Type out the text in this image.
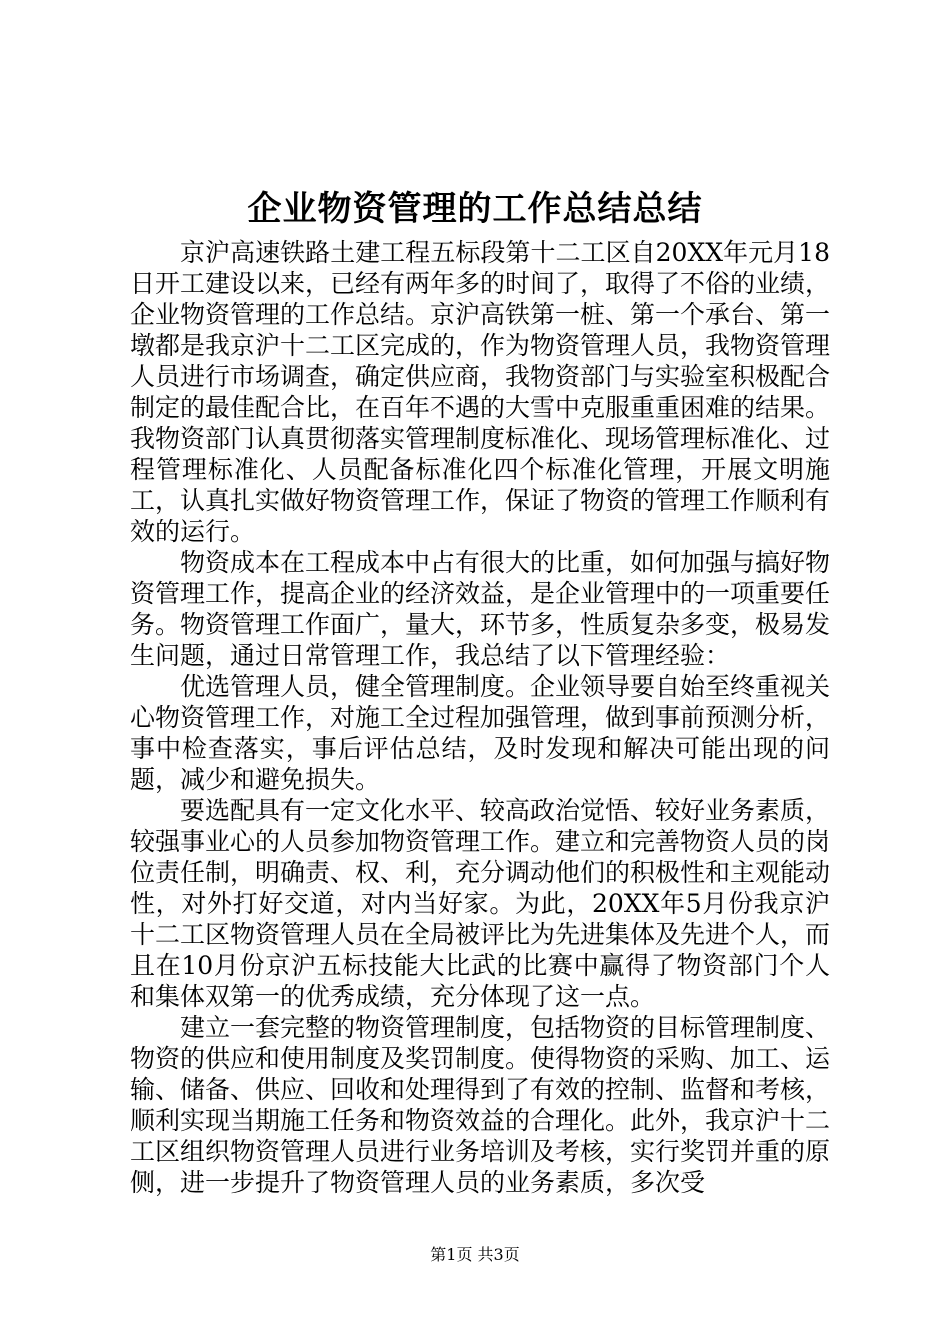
企业物资管理的工作总结总结

京沪高速铁路土建工程五标段第十二工区自20XX年元月18日开工建设以来，已经有两年多的时间了，取得了不俗的业绩，企业物资管理的工作总结。京沪高铁第一桩、第一个承台、第一墩都是我京沪十二工区完成的，作为物资管理人员，我物资管理人员进行市场调查，确定供应商，我物资部门与实验室积极配合制定的最佳配合比，在百年不遇的大雪中克服重重困难的结果。我物资部门认真贯彻落实管理制度标准化、现场管理标准化、过程管理标准化、人员配备标准化四个标准化管理，开展文明施工，认真扎实做好物资管理工作，保证了物资的管理工作顺利有效的运行。

物资成本在工程成本中占有很大的比重，如何加强与搞好物资管理工作，提高企业的经济效益，是企业管理中的一项重要任务。物资管理工作面广，量大，环节多，性质复杂多变，极易发生问题，通过日常管理工作，我总结了以下管理经验：

优选管理人员，健全管理制度。企业领导要自始至终重视关心物资管理工作，对施工全过程加强管理，做到事前预测分析，事中检查落实，事后评估总结，及时发现和解决可能出现的问题，减少和避免损失。

要选配具有一定文化水平、较高政治觉悟、较好业务素质，较强事业心的人员参加物资管理工作。建立和完善物资人员的岗位责任制，明确责、权、利，充分调动他们的积极性和主观能动性，对外打好交道，对内当好家。为此，20XX年5月份我京沪十二工区物资管理人员在全局被评比为先进集体及先进个人，而且在10月份京沪五标技能大比武的比赛中赢得了物资部门个人和集体双第一的优秀成绩，充分体现了这一点。

建立一套完整的物资管理制度，包括物资的目标管理制度、物资的供应和使用制度及奖罚制度。使得物资的采购、加工、运输、储备、供应、回收和处理得到了有效的控制、监督和考核，顺利实现当期施工任务和物资效益的合理化。此外，我京沪十二工区组织物资管理人员进行业务培训及考核，实行奖罚并重的原侧，进一步提升了物资管理人员的业务素质，多次受

第1页 共3页
